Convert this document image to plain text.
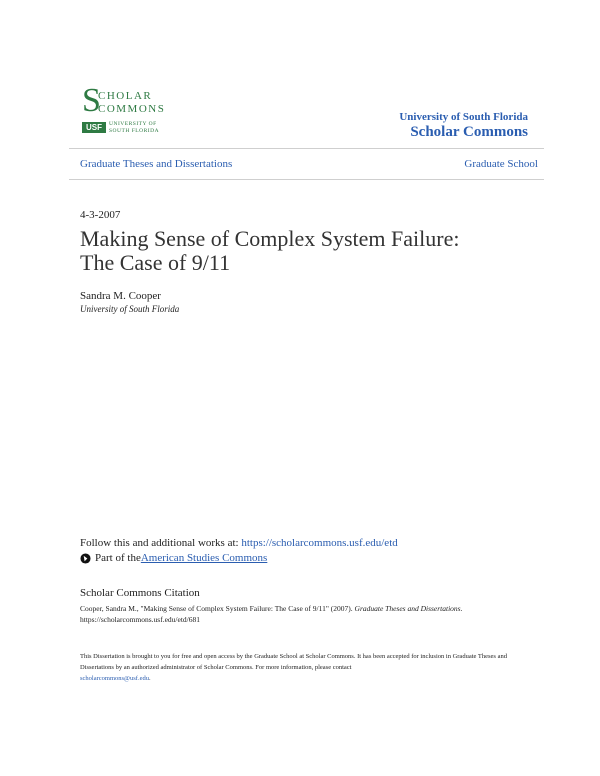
S
CHOLAR
COMMONS
USF	UNIVERSITY OF SOUTH FLORIDA
University of South Florida
Scholar Commons
Graduate Theses and Dissertations	Graduate School
4-3-2007
Making Sense of Complex System Failure: The Case of 9/11
Sandra M. Cooper
University of South Florida
Follow this and additional works at: https://scholarcommons.usf.edu/etd
Part of the American Studies Commons
Scholar Commons Citation
Cooper, Sandra M., "Making Sense of Complex System Failure: The Case of 9/11" (2007). Graduate Theses and Dissertations.
https://scholarcommons.usf.edu/etd/681
This Dissertation is brought to you for free and open access by the Graduate School at Scholar Commons. It has been accepted for inclusion in Graduate Theses and Dissertations by an authorized administrator of Scholar Commons. For more information, please contact
scholarcommons@usf.edu.
